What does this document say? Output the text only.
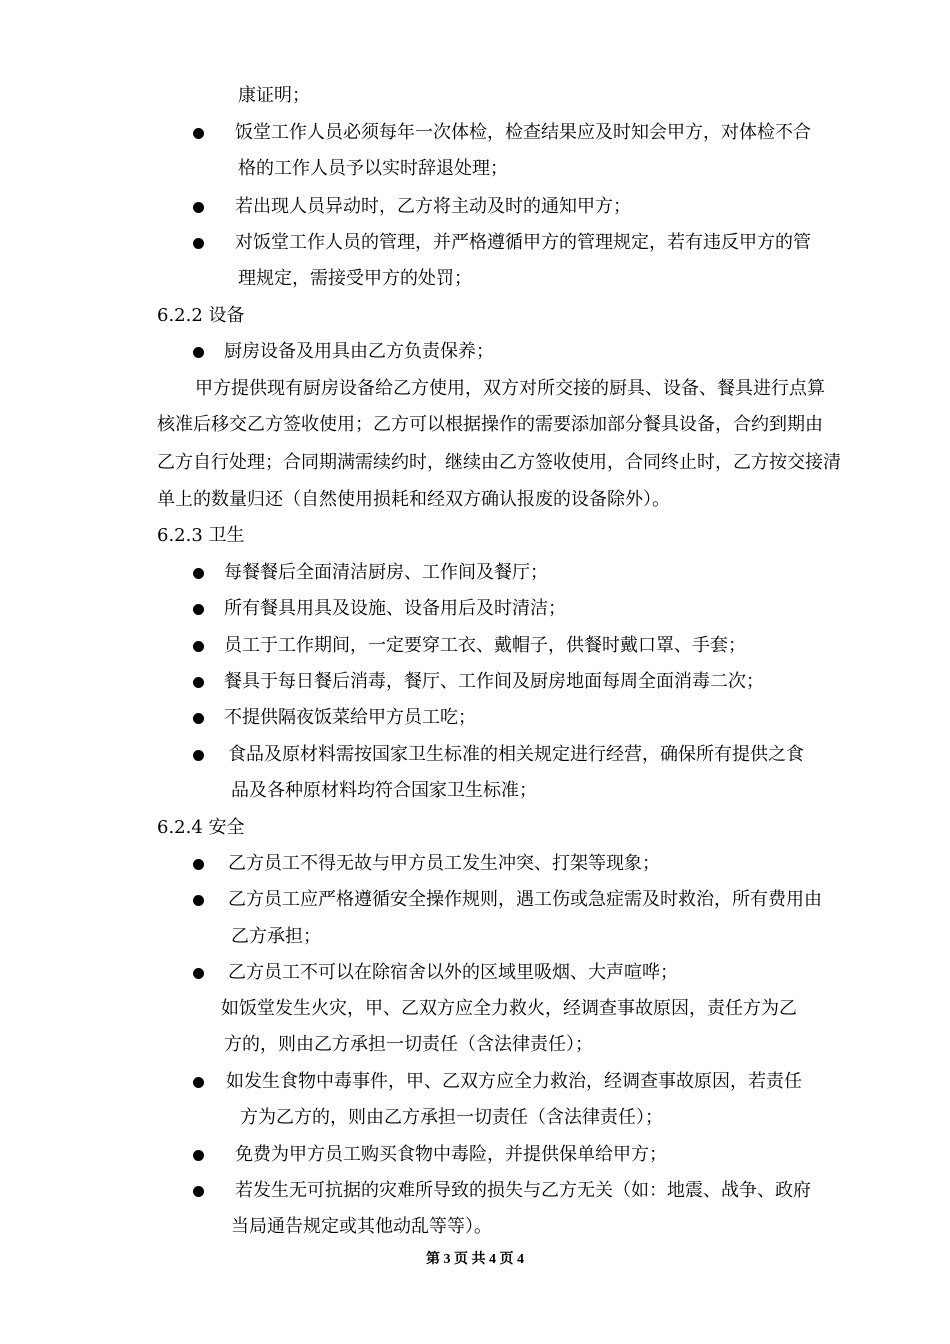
康证明；
饭堂工作人员必须每年一次体检，检查结果应及时知会甲方，对体检不合
格的工作人员予以实时辞退处理；
若出现人员异动时，乙方将主动及时的通知甲方；
对饭堂工作人员的管理，并严格遵循甲方的管理规定，若有违反甲方的管
理规定，需接受甲方的处罚；
6.2.2 设备
厨房设备及用具由乙方负责保养；
甲方提供现有厨房设备给乙方使用，双方对所交接的厨具、设备、餐具进行点算
核准后移交乙方签收使用；乙方可以根据操作的需要添加部分餐具设备，合约到期由
乙方自行处理；合同期满需续约时，继续由乙方签收使用，合同终止时，乙方按交接清
单上的数量归还（自然使用损耗和经双方确认报废的设备除外）。
6.2.3 卫生
每餐餐后全面清洁厨房、工作间及餐厅；
所有餐具用具及设施、设备用后及时清洁；
员工于工作期间，一定要穿工衣、戴帽子，供餐时戴口罩、手套；
餐具于每日餐后消毒，餐厅、工作间及厨房地面每周全面消毒二次；
不提供隔夜饭菜给甲方员工吃；
食品及原材料需按国家卫生标准的相关规定进行经营，确保所有提供之食
品及各种原材料均符合国家卫生标准；
6.2.4 安全
乙方员工不得无故与甲方员工发生冲突、打架等现象；
乙方员工应严格遵循安全操作规则，遇工伤或急症需及时救治，所有费用由
乙方承担；
乙方员工不可以在除宿舍以外的区域里吸烟、大声喧哗；
如饭堂发生火灾，甲、乙双方应全力救火，经调查事故原因，责任方为乙
方的，则由乙方承担一切责任（含法律责任）；
如发生食物中毒事件，甲、乙双方应全力救治，经调查事故原因，若责任
方为乙方的，则由乙方承担一切责任（含法律责任）；
免费为甲方员工购买食物中毒险，并提供保单给甲方；
若发生无可抗据的灾难所导致的损失与乙方无关（如：地震、战争、政府
当局通告规定或其他动乱等等）。
第 3 页 共 4 页 4
